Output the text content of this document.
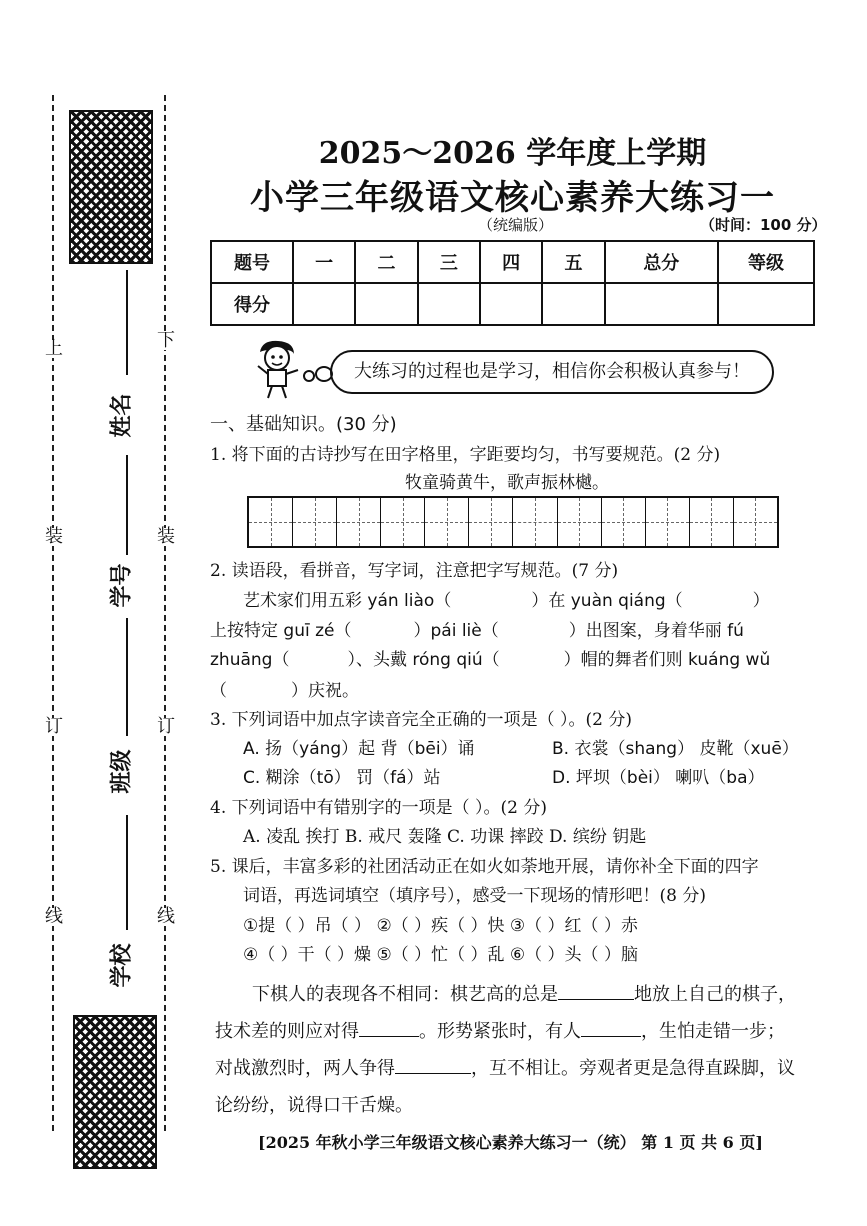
上
装
订
线
下
装
订
线
姓名
学号
班级
学校
2025～2026 学年度上学期
小学三年级语文核心素养大练习一
（统编版）	（时间：100 分）
题号	一	二	三	四	五	总分	等级
得分							
大练习的过程也是学习，相信你会积极认真参与！
一、基础知识。(30 分)
1. 将下面的古诗抄写在田字格里，字距要均匀，书写要规范。(2 分)
牧童骑黄牛，歌声振林樾。
2. 读语段，看拼音，写字词，注意把字写规范。(7 分)
艺术家们用五彩 yán liào（	）在 yuàn qiáng（	）
上按特定 guī zé（	）pái liè（	）出图案，身着华丽 fú
zhuāng（	）、头戴 róng qiú（	）帽的舞者们则 kuáng wǔ
（	）庆祝。
3. 下列词语中加点字读音完全正确的一项是（ ）。(2 分)
A. 扬（yáng）起 背（bēi）诵	B. 衣裳（shang） 皮靴（xuē）
C. 糊涂（tō） 罚（fá）站	D. 坪坝（bèi） 喇叭（ba）
4. 下列词语中有错别字的一项是（ ）。(2 分)
A. 凌乱 挨打 B. 戒尺 轰隆 C. 功课 摔跤 D. 缤纷 钥匙
5. 课后，丰富多彩的社团活动正在如火如荼地开展，请你补全下面的四字
词语，再选词填空（填序号），感受一下现场的情形吧！(8 分)
①提（ ）吊（ ） ②（ ）疾（ ）快 ③（ ）红（ ）赤
④（ ）干（ ）燥 ⑤（ ）忙（ ）乱 ⑥（ ）头（ ）脑
下棋人的表现各不相同：棋艺高的总是	地放上自己的棋子，
技术差的则应对得	。形势紧张时，有人	，生怕走错一步；
对战激烈时，两人争得	，互不相让。旁观者更是急得直跺脚，议
论纷纷，说得口干舌燥。
[2025 年秋小学三年级语文核心素养大练习一（统） 第 1 页 共 6 页]
